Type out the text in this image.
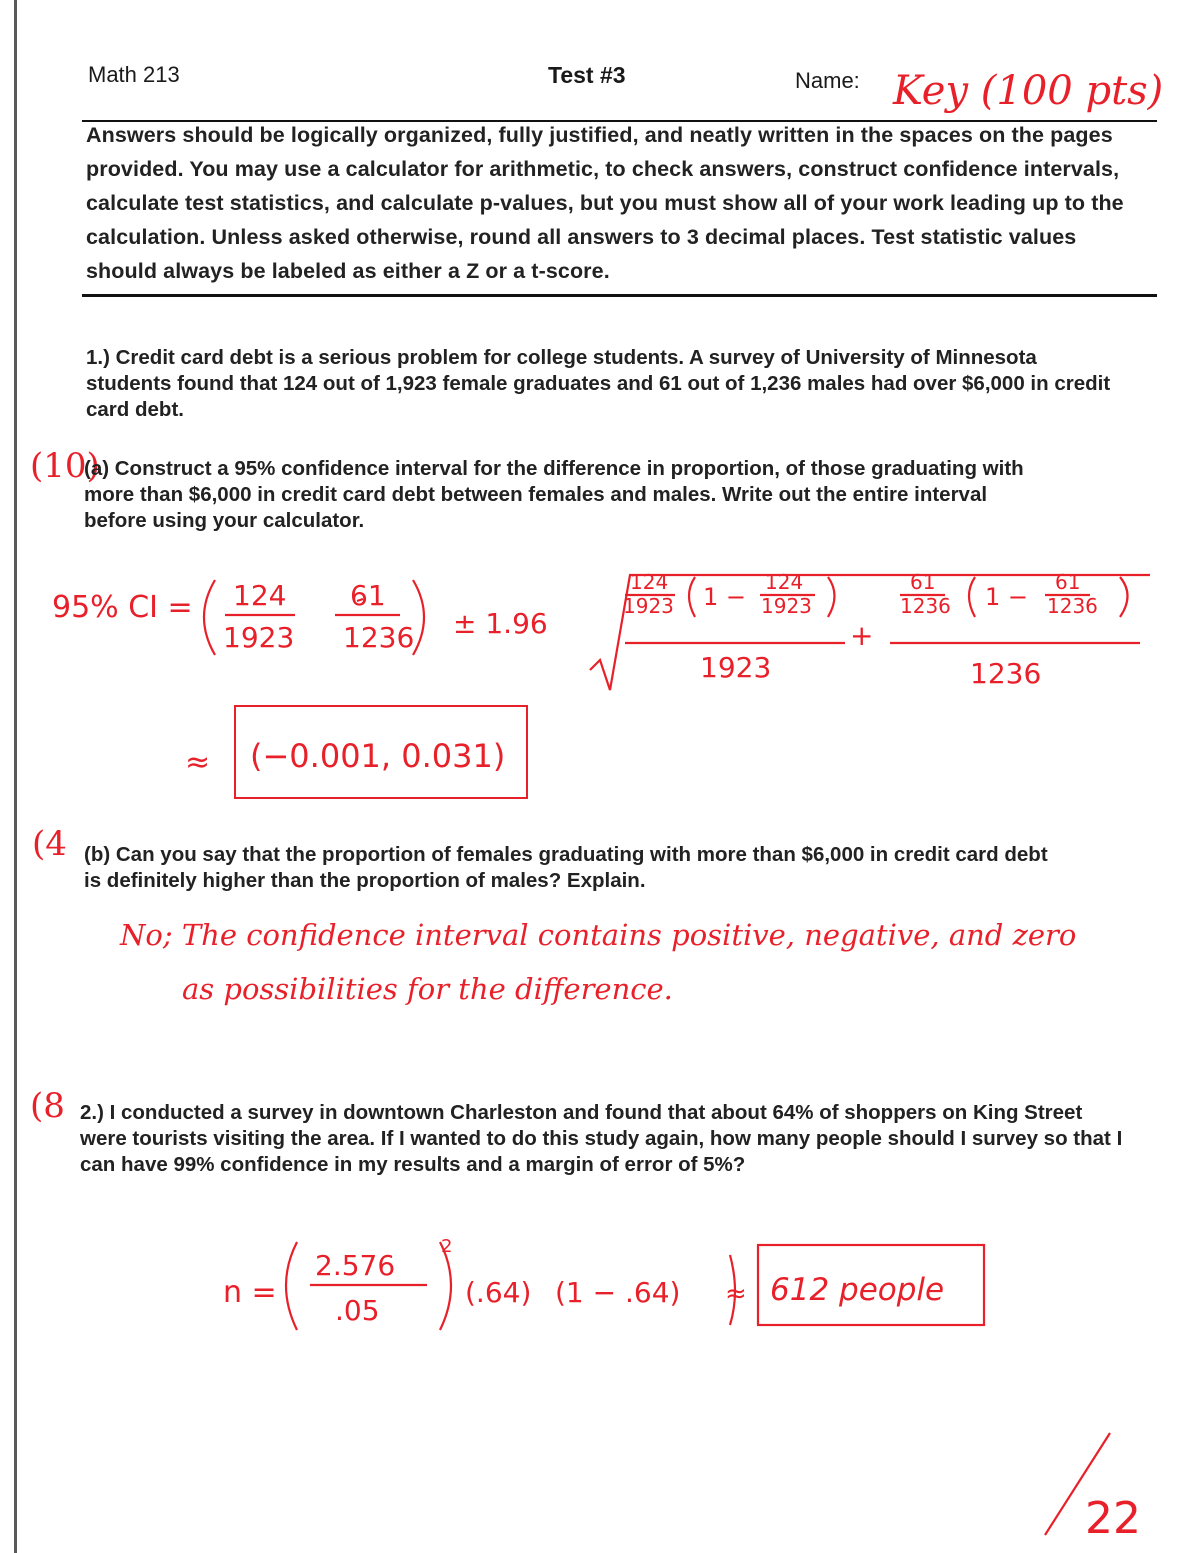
Math 213	Test #3	Name: Key (100 pts)
Answers should be logically organized, fully justified, and neatly written in the spaces on the pages provided. You may use a calculator for arithmetic, to check answers, construct confidence intervals, calculate test statistics, and calculate p-values, but you must show all of your work leading up to the calculation. Unless asked otherwise, round all answers to 3 decimal places. Test statistic values should always be labeled as either a Z or a t-score.
1.) Credit card debt is a serious problem for college students. A survey of University of Minnesota students found that 124 out of 1,923 female graduates and 61 out of 1,236 males had over $6,000 in credit card debt.
(10)
(a) Construct a 95% confidence interval for the difference in proportion, of those graduating with more than $6,000 in credit card debt between females and males. Write out the entire interval before using your calculator.
95% CI = 124
1923
61
1236 ± 1.96
124
1923 1 −
124
1923
61
1236 1 −
61
1236
1923
+
1236
≈ (−0.001, 0.031)
(4 (b) Can you say that the proportion of females graduating with more than $6,000 in credit card debt is definitely higher than the proportion of males? Explain.
No; The confidence interval contains positive, negative, and zero
as possibilities for the difference.
(8 2.) I conducted a survey in downtown Charleston and found that about 64% of shoppers on King Street were tourists visiting the area. If I wanted to do this study again, how many people should I survey so that I can have 99% confidence in my results and a margin of error of 5%?
n =
2.576
.05
2
(.64) (1 − .64) ≈ 612 people
22
